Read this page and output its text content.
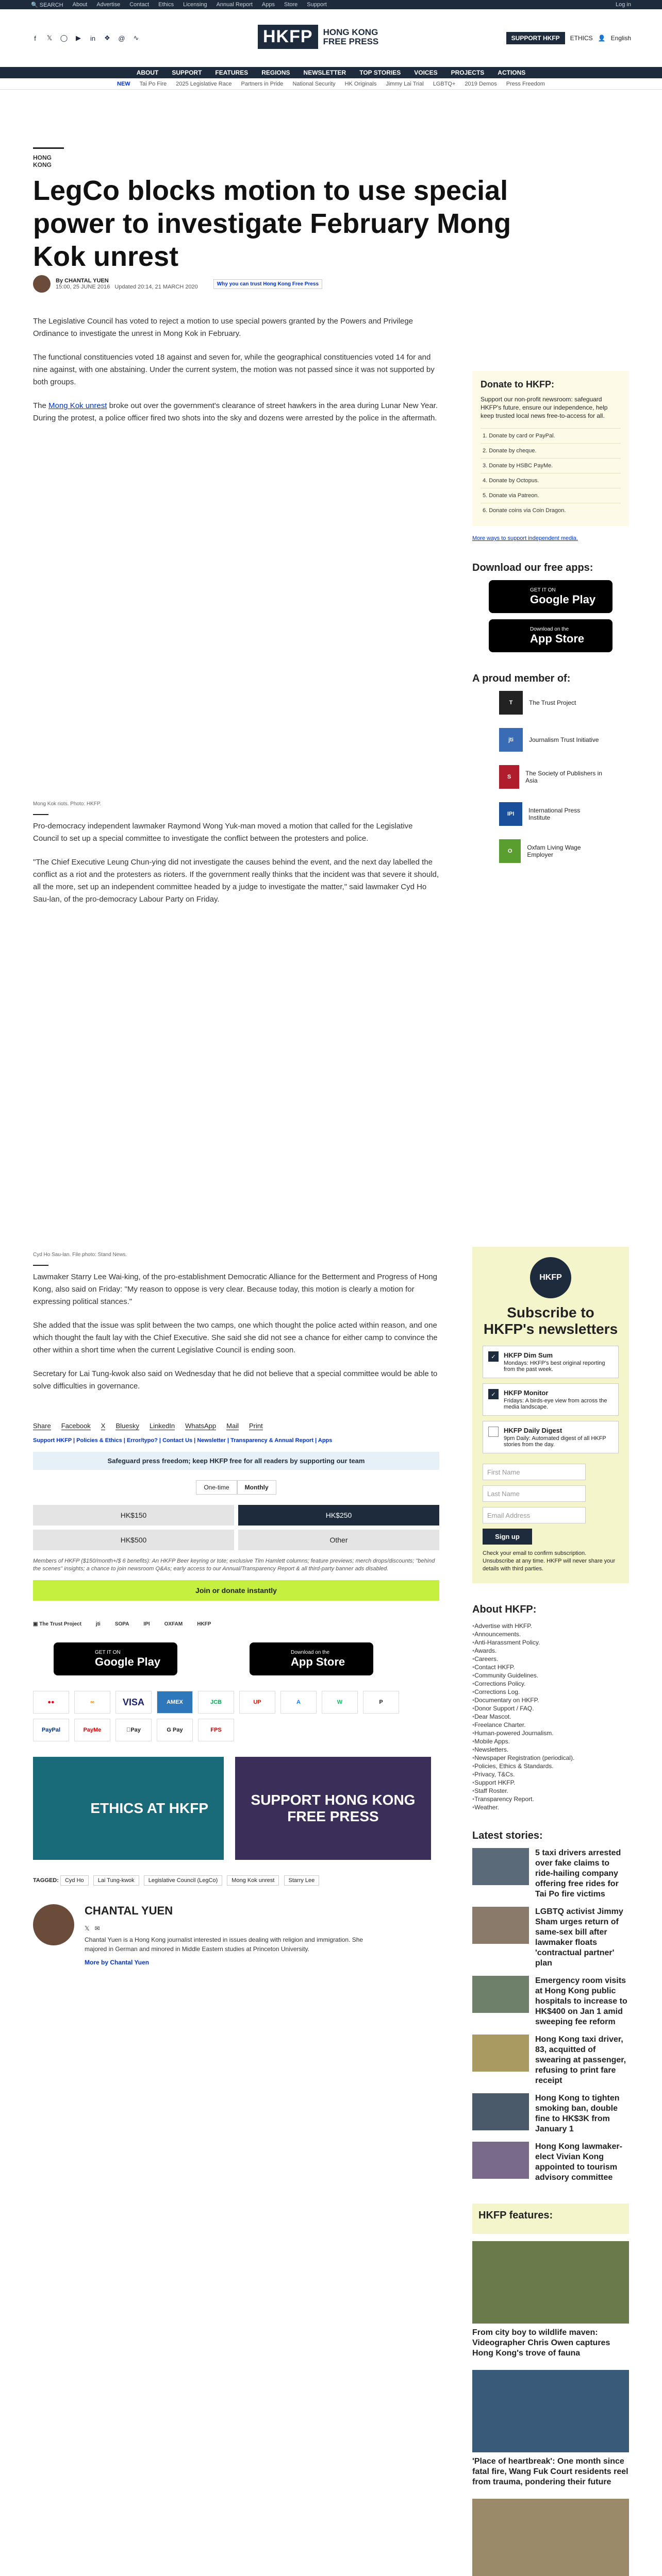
🔍 SEARCH About Advertise Contact Ethics Licensing Annual Report Apps Store Support	Log in
f	𝕏 ◯ ▶ in ❖ @ ∿	HKFP	HONG KONG
FREE PRESS	SUPPORT HKFP	ETHICS 👤 English
ABOUT SUPPORT FEATURES REGIONS NEWSLETTER TOP STORIES VOICES PROJECTS ACTIONS
NEW Tai Po Fire 2025 Legislative Race Partners in Pride National Security HK Originals Jimmy Lai Trial LGBTQ+ 2019 Demos Press Freedom
HONG KONG
LegCo blocks motion to use special power to investigate February Mong Kok unrest
By CHANTAL YUEN
15:00, 25 JUNE 2016 Updated 20:14, 21 MARCH 2020	Why you can trust Hong Kong Free Press

The Legislative Council has voted to reject a motion to use special powers granted by the Powers and Privilege Ordinance to investigate the unrest in Mong Kok in February.

The functional constituencies voted 18 against and seven for, while the geographical constituencies voted 14 for and nine against, with one abstaining. Under the current system, the motion was not passed since it was not supported by both groups.

The Mong Kok unrest broke out over the government's clearance of street hawkers in the area during Lunar New Year. During the protest, a police officer fired two shots into the sky and dozens were arrested by the police in the aftermath.

Mong Kok riots. Photo: HKFP.

Pro-democracy independent lawmaker Raymond Wong Yuk-man moved a motion that called for the Legislative Council to set up a special committee to investigate the conflict between the protesters and police.

"The Chief Executive Leung Chun-ying did not investigate the causes behind the event, and the next day labelled the conflict as a riot and the protesters as rioters. If the government really thinks that the incident was that severe it should, all the more, set up an independent committee headed by a judge to investigate the matter," said lawmaker Cyd Ho Sau-lan, of the pro-democracy Labour Party on Friday.

Cyd Ho Sau-lan. File photo: Stand News.

Lawmaker Starry Lee Wai-king, of the pro-establishment Democratic Alliance for the Betterment and Progress of Hong Kong, also said on Friday: "My reason to oppose is very clear. Because today, this motion is clearly a motion for expressing political stances."

She added that the issue was split between the two camps, one which thought the police acted within reason, and one which thought the fault lay with the Chief Executive. She said she did not see a chance for either camp to convince the other within a short time when the current Legislative Council is ending soon.

Secretary for Lai Tung-kwok also said on Wednesday that he did not believe that a special committee would be able to solve difficulties in governance.

Share Facebook X Bluesky LinkedIn WhatsApp Mail Print
Support HKFP | Policies & Ethics | Error/typo? | Contact Us | Newsletter | Transparency & Annual Report | Apps
Safeguard press freedom; keep HKFP free for all readers by supporting our team
One-time	Monthly
HK$150	HK$250
HK$500	Other

Members of HKFP ($150/month+/$ 6 benefits): An HKFP Beer keyring or tote; exclusive Tim Hamlett columns; feature previews; merch drops/discounts; "behind the scenes" insights; a chance to join newsroom Q&As; early access to our Annual/Transparency Report & all third-party banner ads disabled.

Join or donate instantly
▣ The Trust Project	jti	SOPA	IPI	OXFAM	HKFP
GET IT ON
Google Play
Download on the
App Store
●●	∞	VISA	AMEX	JCB	UP	A	W	P
PayPal	PayMe	Pay	G Pay	FPS
ETHICS AT HKFP
SUPPORT HONG KONG FREE PRESS
TAGGED: Cyd Ho Lai Tung-kwok Legislative Council (LegCo) Mong Kok unrest Starry Lee
CHANTAL YUEN
𝕏   ✉

Chantal Yuen is a Hong Kong journalist interested in issues dealing with religion and immigration. She majored in German and minored in Middle Eastern studies at Princeton University.

More by Chantal Yuen
Donate to HKFP:

Support our non-profit newsroom: safeguard HKFP's future, ensure our independence, help keep trusted local news free-to-access for all.

1. Donate by card or PayPal.
2. Donate by cheque.
3. Donate by HSBC PayMe.
4. Donate by Octopus.
5. Donate via Patreon.
6. Donate coins via Coin Dragon.
More ways to support independent media.
Download our free apps:
GET IT ON
Google Play
Download on the
App Store
A proud member of:
T	The Trust Project
jti	Journalism Trust Initiative
S	The Society of Publishers in Asia
IPI	International Press Institute
O	Oxfam Living Wage Employer
HKFP
Subscribe to HKFP's newsletters
✓	HKFP Dim Sum
Mondays: HKFP's best original reporting from the past week.
✓	HKFP Monitor
Fridays: A birds-eye view from across the media landscape.
HKFP Daily Digest
9pm Daily: Automated digest of all HKFP stories from the day.
First Name
Last Name
Email Address
Sign up

Check your email to confirm subscription. Unsubscribe at any time. HKFP will never share your details with third parties.

About HKFP:
• Advertise with HKFP.
• Announcements.
• Anti-Harassment Policy.
• Awards.
• Careers.
• Contact HKFP.
• Community Guidelines.
• Corrections Policy.
• Corrections Log.
• Documentary on HKFP.
• Donor Support / FAQ.
• Dear Mascot.
• Freelance Charter.
• Human-powered Journalism.
• Mobile Apps.
• Newsletters.
• Newspaper Registration (periodical).
• Policies, Ethics & Standards.
• Privacy, T&Cs.
• Support HKFP.
• Staff Roster.
• Transparency Report.
• Weather.
Latest stories:
5 taxi drivers arrested over fake claims to ride-hailing company offering free rides for Tai Po fire victims
LGBTQ activist Jimmy Sham urges return of same-sex bill after lawmaker floats 'contractual partner' plan
Emergency room visits at Hong Kong public hospitals to increase to HK$400 on Jan 1 amid sweeping fee reform
Hong Kong taxi driver, 83, acquitted of swearing at passenger, refusing to print fare receipt
Hong Kong to tighten smoking ban, double fine to HK$3K from January 1
Hong Kong lawmaker-elect Vivian Kong appointed to tourism advisory committee
HKFP features:
From city boy to wildlife maven: Videographer Chris Owen captures Hong Kong's trove of fauna
'Place of heartbreak': One month since fatal fire, Wang Fuk Court residents reel from trauma, pondering their future
